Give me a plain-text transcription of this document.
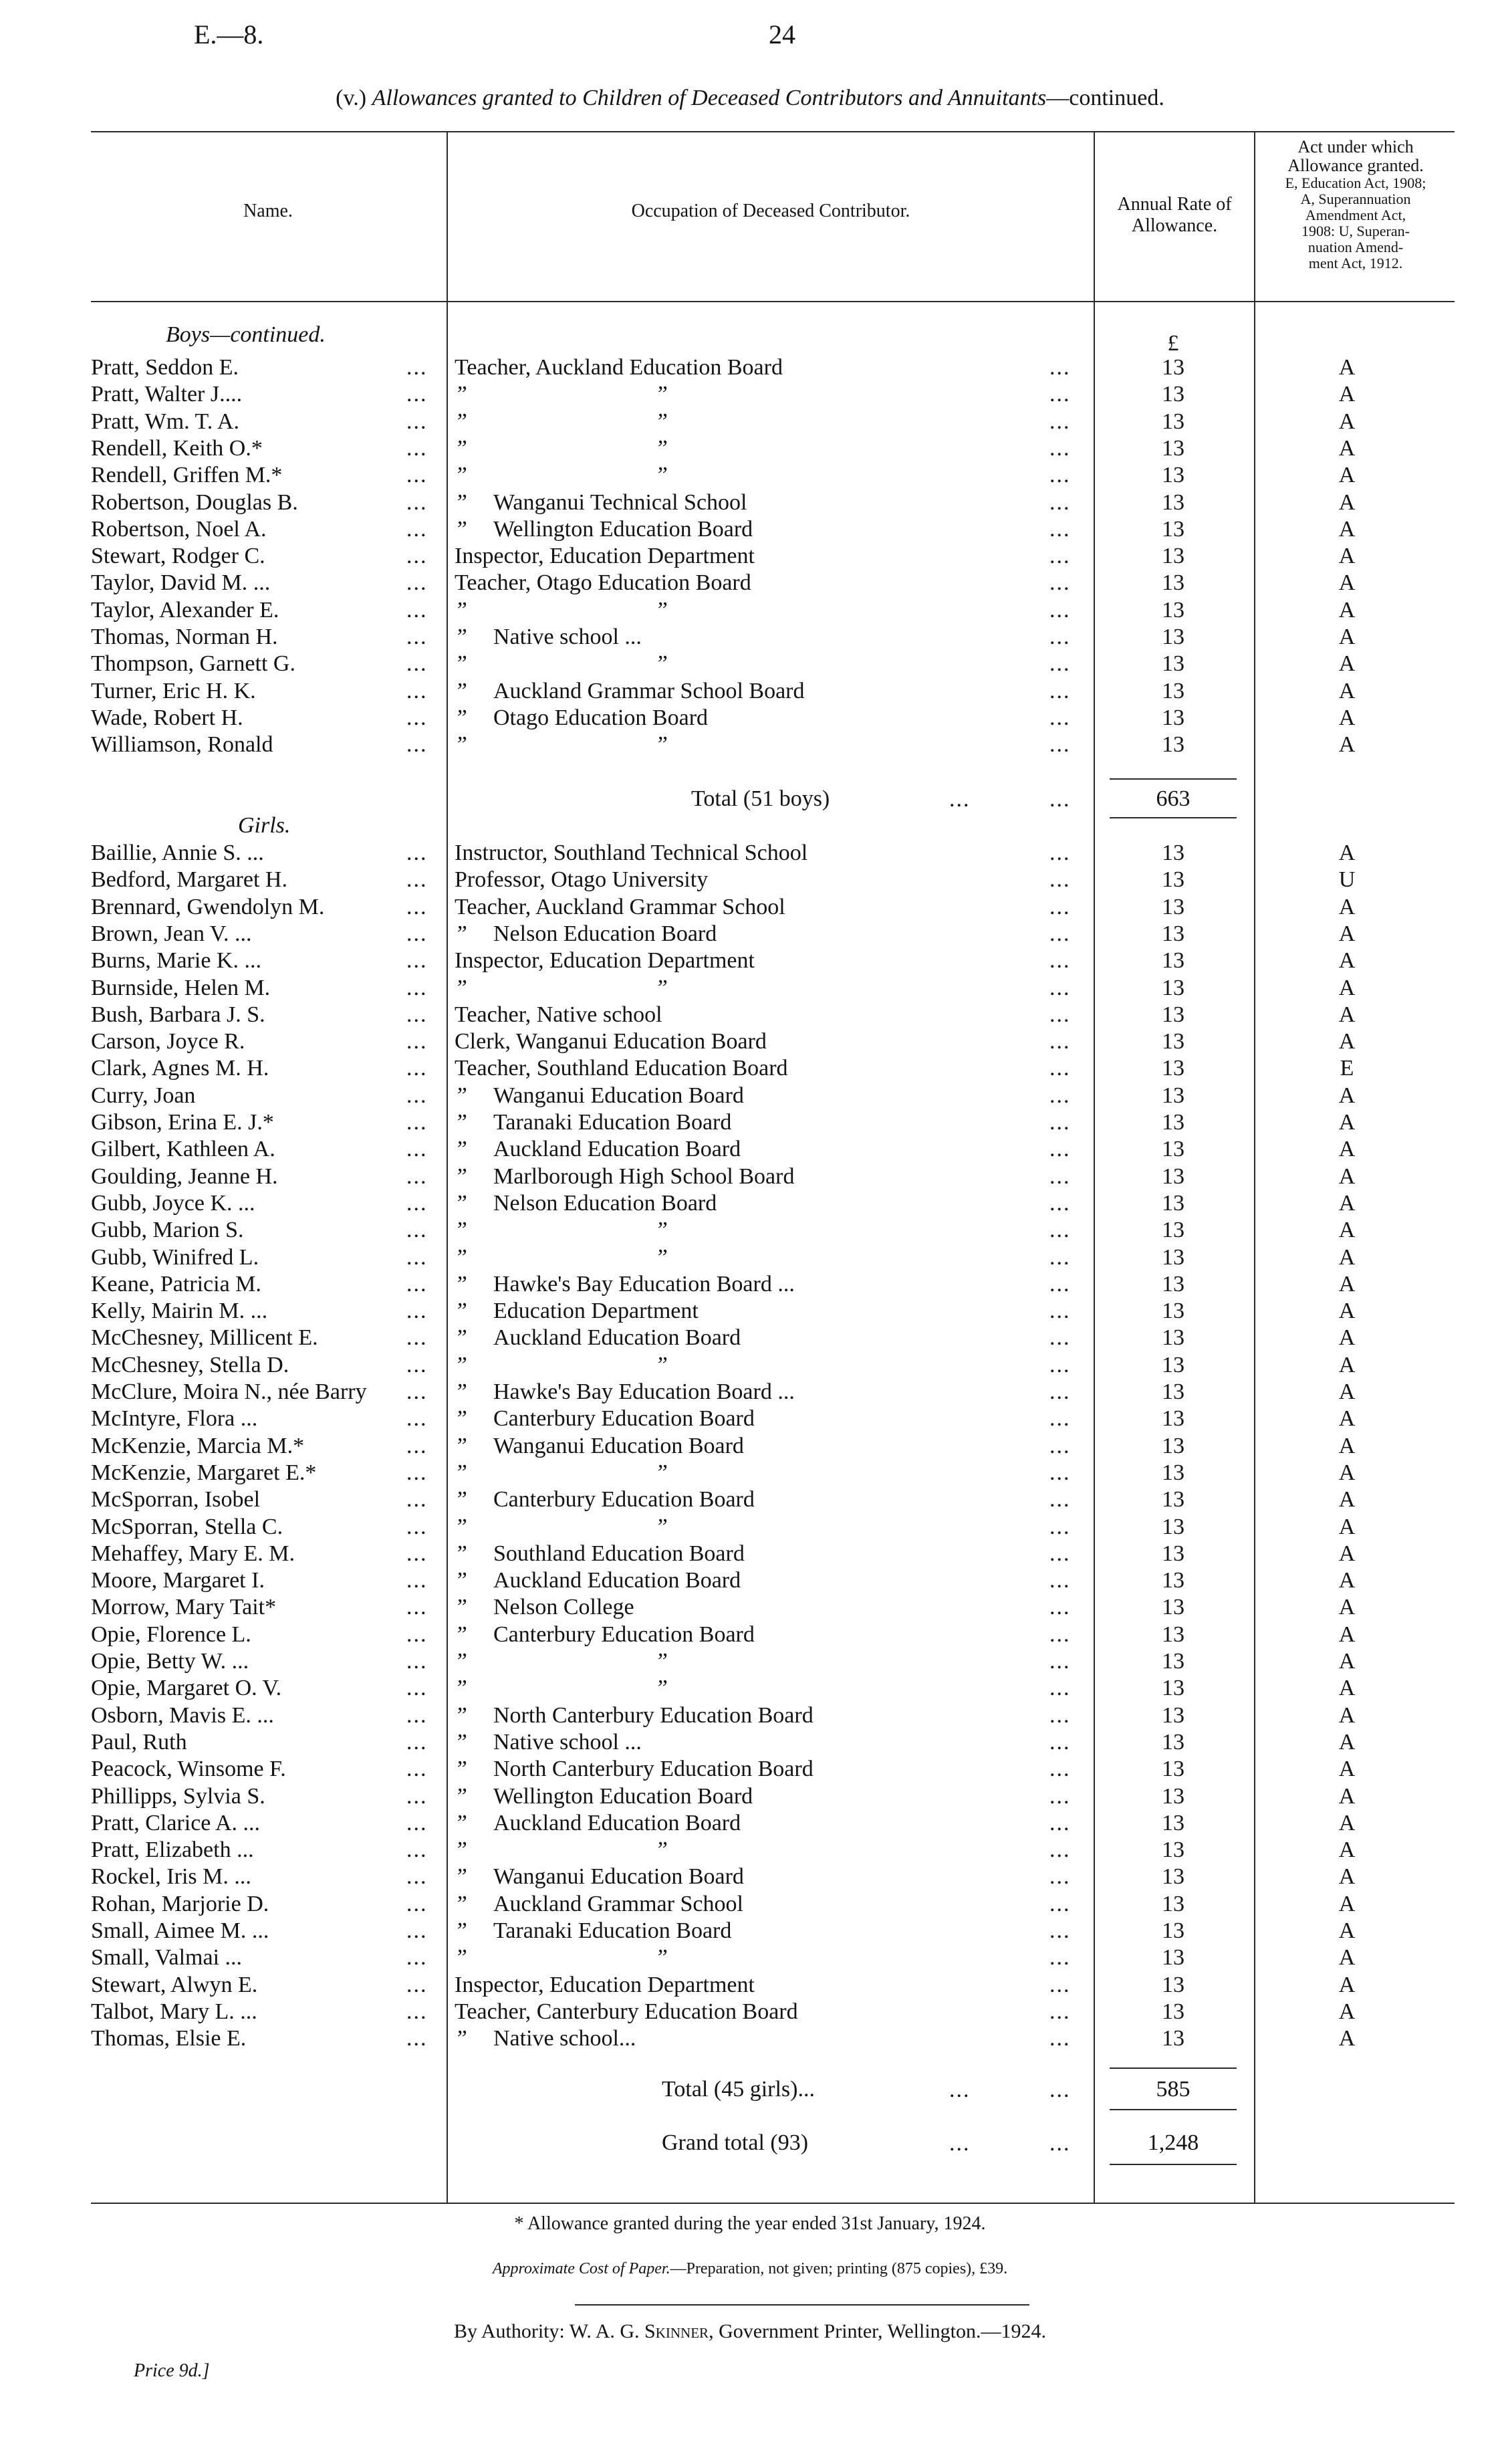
E.—8.	24
(v.) Allowances granted to Children of Deceased Contributors and Annuitants—continued.
Name.	Occupation of Deceased Contributor.	Annual Rate of
Allowance.
Act under which
Allowance granted.
E, Education Act, 1908;
A, Superannuation
Amendment Act,
1908: U, Superan-
nuation Amend-
ment Act, 1912.
£
Boys—continued.
Pratt, Seddon E.	... Teacher, Auckland Education Board	...	13	A
Pratt, Walter J....	... ”	”	...	13	A
Pratt, Wm. T. A.	... ”	”	...	13	A
Rendell, Keith O.*	... ”	”	...	13	A
Rendell, Griffen M.*	... ”	”	...	13	A
Robertson, Douglas B.	... ” Wanganui Technical School	...	13	A
Robertson, Noel A.	... ” Wellington Education Board	...	13	A
Stewart, Rodger C.	... Inspector, Education Department	...	13	A
Taylor, David M. ...	... Teacher, Otago Education Board	...	13	A
Taylor, Alexander E.	... ”	”	...	13	A
Thomas, Norman H.	... ” Native school ...	...	13	A
Thompson, Garnett G.	... ”	”	...	13	A
Turner, Eric H. K.	... ” Auckland Grammar School Board	...	13	A
Wade, Robert H.	... ” Otago Education Board	...	13	A
Williamson, Ronald	... ”	”	...	13	A
Total (51 boys)	...	...	663
Girls.
Baillie, Annie S. ...	... Instructor, Southland Technical School	...	13	A
Bedford, Margaret H.	... Professor, Otago University	...	13	U
Brennard, Gwendolyn M.	... Teacher, Auckland Grammar School	...	13	A
Brown, Jean V. ...	... ” Nelson Education Board	...	13	A
Burns, Marie K. ...	... Inspector, Education Department	...	13	A
Burnside, Helen M.	... ”	”	...	13	A
Bush, Barbara J. S.	... Teacher, Native school	...	13	A
Carson, Joyce R.	... Clerk, Wanganui Education Board	...	13	A
Clark, Agnes M. H.	... Teacher, Southland Education Board	...	13	E
Curry, Joan	... ” Wanganui Education Board	...	13	A
Gibson, Erina E. J.*	... ” Taranaki Education Board	...	13	A
Gilbert, Kathleen A.	... ” Auckland Education Board	...	13	A
Goulding, Jeanne H.	... ” Marlborough High School Board	...	13	A
Gubb, Joyce K. ...	... ” Nelson Education Board	...	13	A
Gubb, Marion S.	... ”	”	...	13	A
Gubb, Winifred L.	... ”	”	...	13	A
Keane, Patricia M.	... ” Hawke's Bay Education Board ...	...	13	A
Kelly, Mairin M. ...	... ” Education Department	...	13	A
McChesney, Millicent E.	... ” Auckland Education Board	...	13	A
McChesney, Stella D.	... ”	”	...	13	A
McClure, Moira N., née Barry ... ” Hawke's Bay Education Board ...	...	13	A
McIntyre, Flora ...	... ” Canterbury Education Board	...	13	A
McKenzie, Marcia M.*	... ” Wanganui Education Board	...	13	A
McKenzie, Margaret E.*	... ”	”	...	13	A
McSporran, Isobel	... ” Canterbury Education Board	...	13	A
McSporran, Stella C.	... ”	”	...	13	A
Mehaffey, Mary E. M.	... ” Southland Education Board	...	13	A
Moore, Margaret I.	... ” Auckland Education Board	...	13	A
Morrow, Mary Tait*	... ” Nelson College	...	13	A
Opie, Florence L.	... ” Canterbury Education Board	...	13	A
Opie, Betty W. ...	... ”	”	...	13	A
Opie, Margaret O. V.	... ”	”	...	13	A
Osborn, Mavis E. ...	... ” North Canterbury Education Board	...	13	A
Paul, Ruth	... ” Native school ...	...	13	A
Peacock, Winsome F.	... ” North Canterbury Education Board	...	13	A
Phillipps, Sylvia S.	... ” Wellington Education Board	...	13	A
Pratt, Clarice A. ...	... ” Auckland Education Board	...	13	A
Pratt, Elizabeth ...	... ”	”	...	13	A
Rockel, Iris M. ...	... ” Wanganui Education Board	...	13	A
Rohan, Marjorie D.	... ” Auckland Grammar School	...	13	A
Small, Aimee M. ...	... ” Taranaki Education Board	...	13	A
Small, Valmai ...	... ”	”	...	13	A
Stewart, Alwyn E.	... Inspector, Education Department	...	13	A
Talbot, Mary L. ...	... Teacher, Canterbury Education Board	...	13	A
Thomas, Elsie E.	... ” Native school...	...	13	A
Total (45 girls)...	...	...	585
Grand total (93)	...	...	1,248
* Allowance granted during the year ended 31st January, 1924.
Approximate Cost of Paper.—Preparation, not given; printing (875 copies), £39.
By Authority: W. A. G. Skinner, Government Printer, Wellington.—1924.
Price 9d.]
